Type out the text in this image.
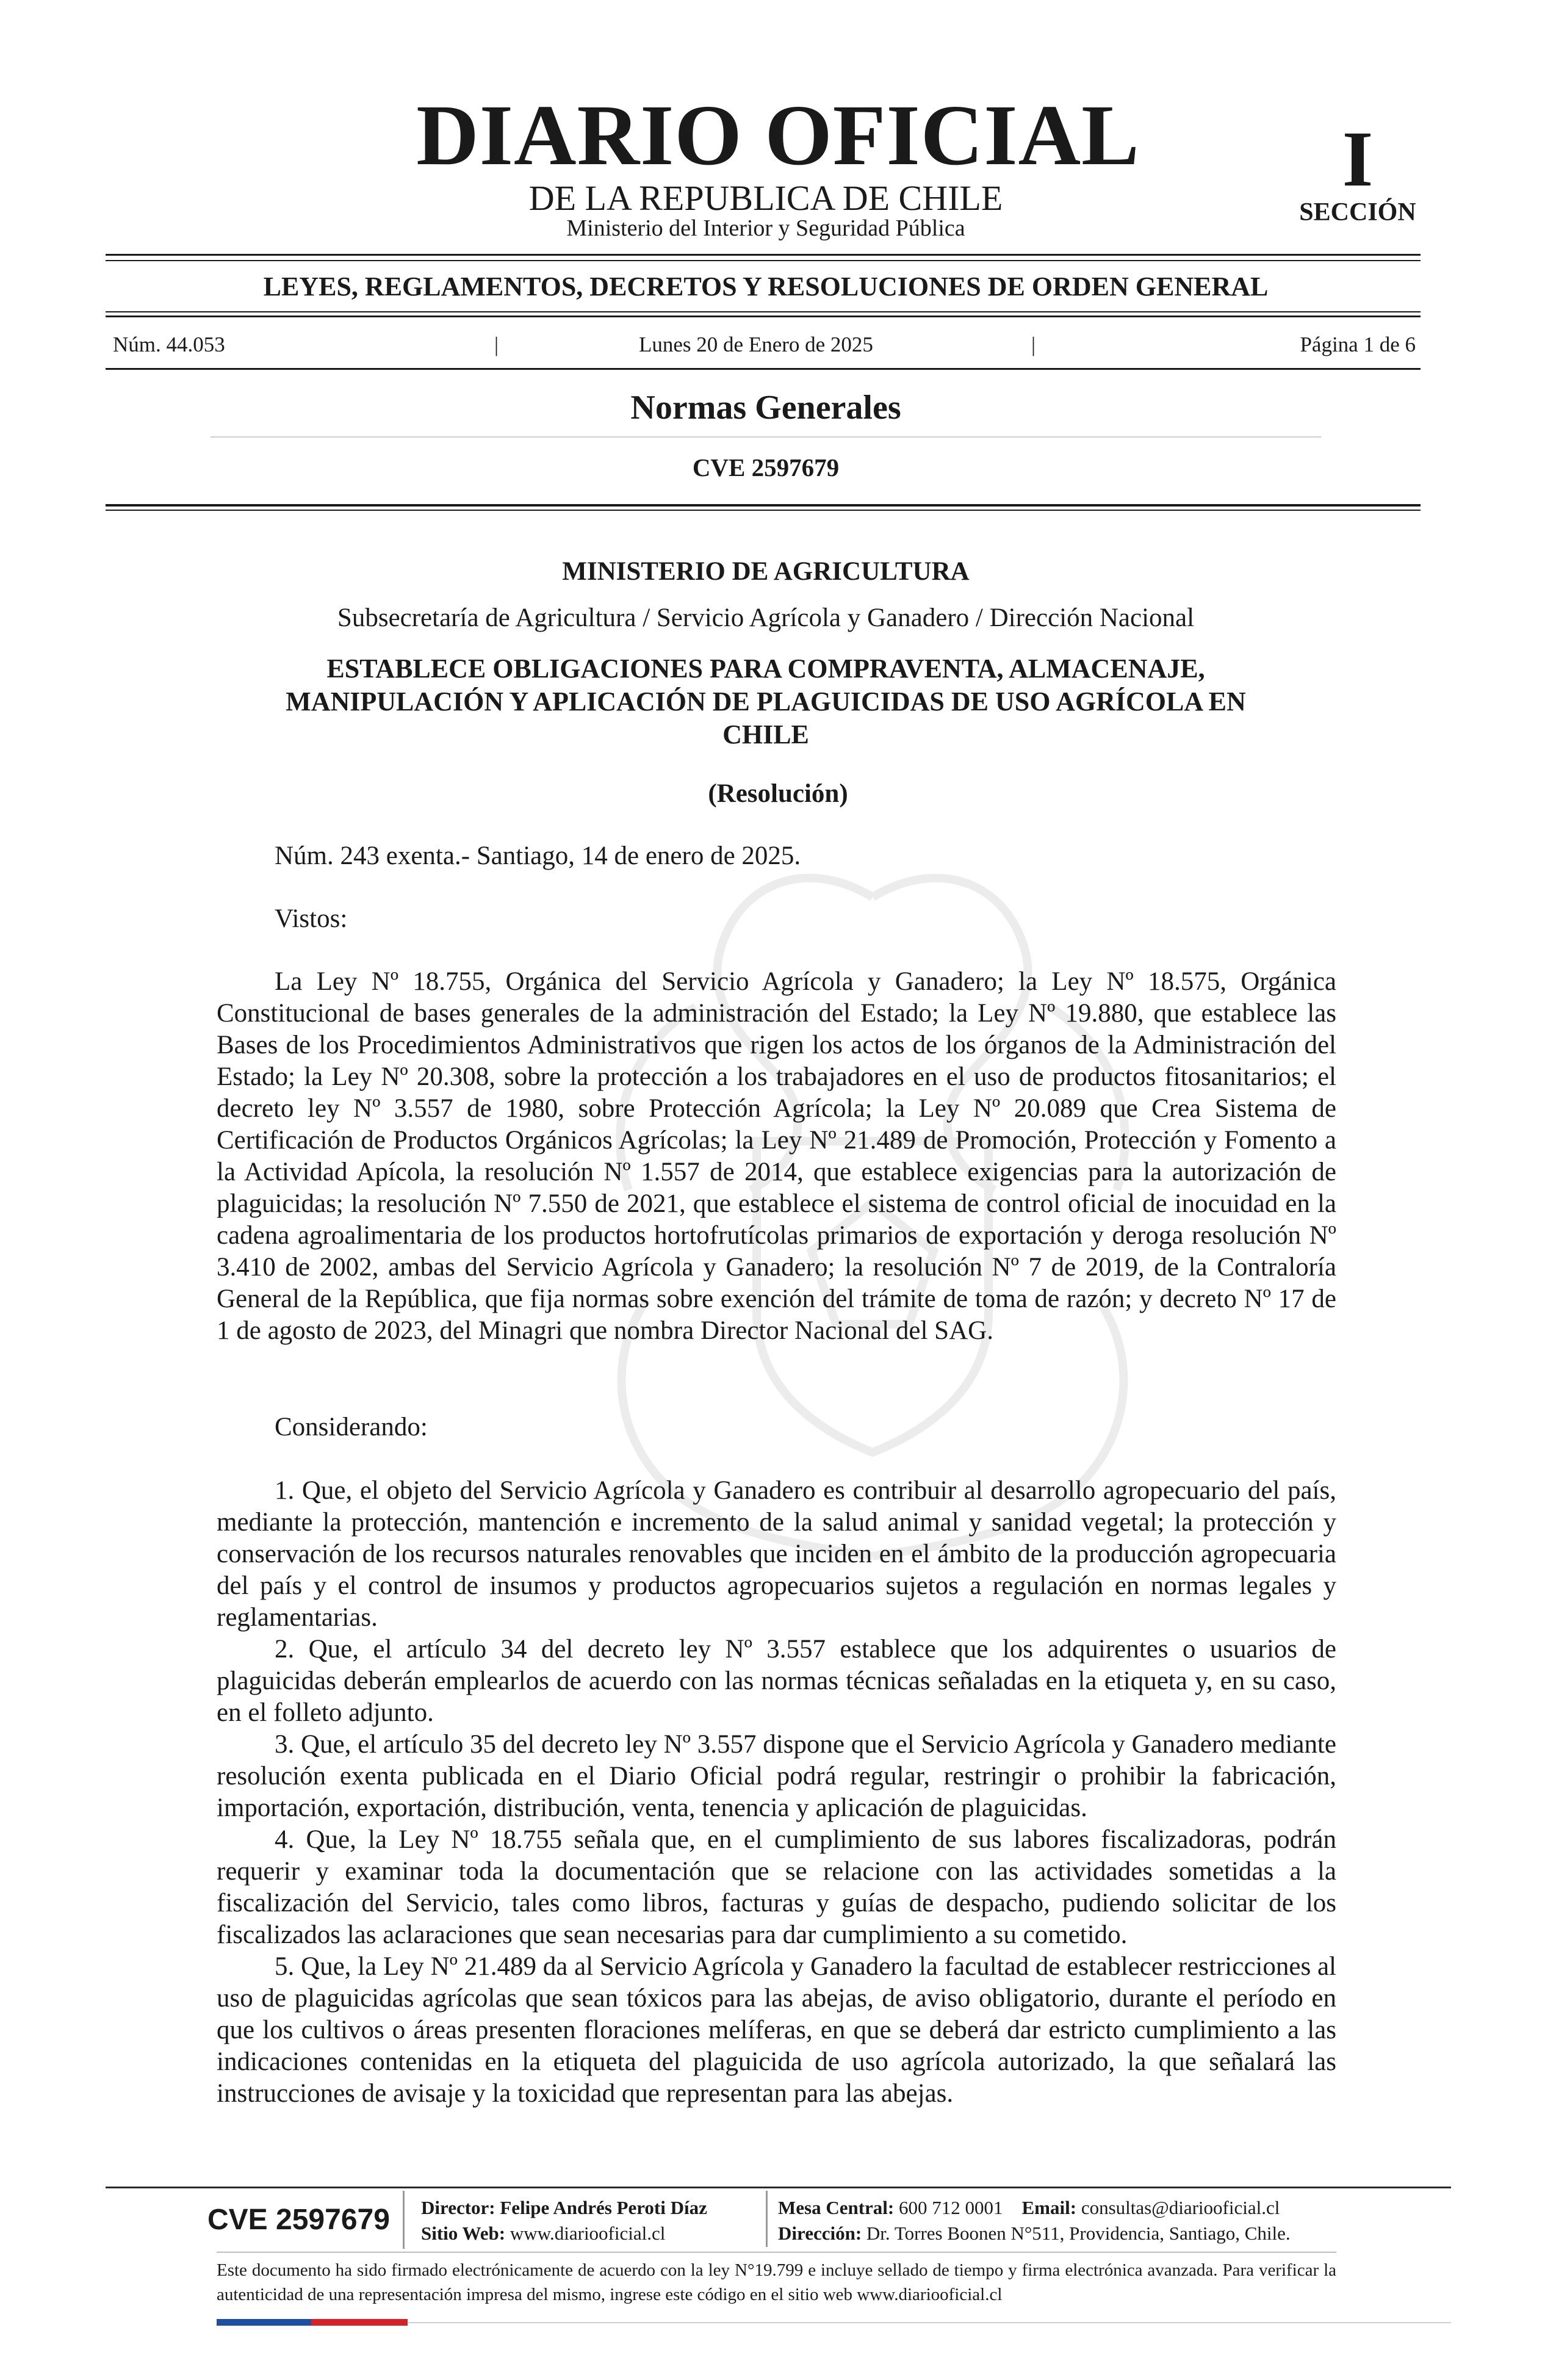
DIARIO OFICIAL
DE LA REPUBLICA DE CHILE
Ministerio del Interior y Seguridad Pública
I
SECCIÓN
LEYES, REGLAMENTOS, DECRETOS Y RESOLUCIONES DE ORDEN GENERAL
Núm. 44.053	|	Lunes 20 de Enero de 2025	|	Página 1 de 6
Normas Generales
CVE 2597679
MINISTERIO DE AGRICULTURA
Subsecretaría de Agricultura / Servicio Agrícola y Ganadero / Dirección Nacional
ESTABLECE OBLIGACIONES PARA COMPRAVENTA, ALMACENAJE, MANIPULACIÓN Y APLICACIÓN DE PLAGUICIDAS DE USO AGRÍCOLA EN CHILE
(Resolución)
Núm. 243 exenta.- Santiago, 14 de enero de 2025.
Vistos:
La Ley Nº 18.755, Orgánica del Servicio Agrícola y Ganadero; la Ley Nº 18.575, Orgánica Constitucional de bases generales de la administración del Estado; la Ley Nº 19.880, que establece las Bases de los Procedimientos Administrativos que rigen los actos de los órganos de la Administración del Estado; la Ley Nº 20.308, sobre la protección a los trabajadores en el uso de productos fitosanitarios; el decreto ley Nº 3.557 de 1980, sobre Protección Agrícola; la Ley Nº 20.089 que Crea Sistema de Certificación de Productos Orgánicos Agrícolas; la Ley Nº 21.489 de Promoción, Protección y Fomento a la Actividad Apícola, la resolución Nº 1.557 de 2014, que establece exigencias para la autorización de plaguicidas; la resolución Nº 7.550 de 2021, que establece el sistema de control oficial de inocuidad en la cadena agroalimentaria de los productos hortofrutícolas primarios de exportación y deroga resolución Nº 3.410 de 2002, ambas del Servicio Agrícola y Ganadero; la resolución Nº 7 de 2019, de la Contraloría General de la República, que fija normas sobre exención del trámite de toma de razón; y decreto Nº 17 de 1 de agosto de 2023, del Minagri que nombra Director Nacional del SAG.
Considerando:
1. Que, el objeto del Servicio Agrícola y Ganadero es contribuir al desarrollo agropecuario del país, mediante la protección, mantención e incremento de la salud animal y sanidad vegetal; la protección y conservación de los recursos naturales renovables que inciden en el ámbito de la producción agropecuaria del país y el control de insumos y productos agropecuarios sujetos a regulación en normas legales y reglamentarias.
2. Que, el artículo 34 del decreto ley Nº 3.557 establece que los adquirentes o usuarios de plaguicidas deberán emplearlos de acuerdo con las normas técnicas señaladas en la etiqueta y, en su caso, en el folleto adjunto.
3. Que, el artículo 35 del decreto ley Nº 3.557 dispone que el Servicio Agrícola y Ganadero mediante resolución exenta publicada en el Diario Oficial podrá regular, restringir o prohibir la fabricación, importación, exportación, distribución, venta, tenencia y aplicación de plaguicidas.
4. Que, la Ley Nº 18.755 señala que, en el cumplimiento de sus labores fiscalizadoras, podrán requerir y examinar toda la documentación que se relacione con las actividades sometidas a la fiscalización del Servicio, tales como libros, facturas y guías de despacho, pudiendo solicitar de los fiscalizados las aclaraciones que sean necesarias para dar cumplimiento a su cometido.
5. Que, la Ley Nº 21.489 da al Servicio Agrícola y Ganadero la facultad de establecer restricciones al uso de plaguicidas agrícolas que sean tóxicos para las abejas, de aviso obligatorio, durante el período en que los cultivos o áreas presenten floraciones melíferas, en que se deberá dar estricto cumplimiento a las indicaciones contenidas en la etiqueta del plaguicida de uso agrícola autorizado, la que señalará las instrucciones de avisaje y la toxicidad que representan para las abejas.
CVE 2597679 Director: Felipe Andrés Peroti Díaz
Sitio Web: www.diariooficial.cl
Mesa Central: 600 712 0001 Email: consultas@diariooficial.cl
Dirección: Dr. Torres Boonen N°511, Providencia, Santiago, Chile.
Este documento ha sido firmado electrónicamente de acuerdo con la ley N°19.799 e incluye sellado de tiempo y firma electrónica avanzada. Para verificar la autenticidad de una representación impresa del mismo, ingrese este código en el sitio web www.diariooficial.cl
